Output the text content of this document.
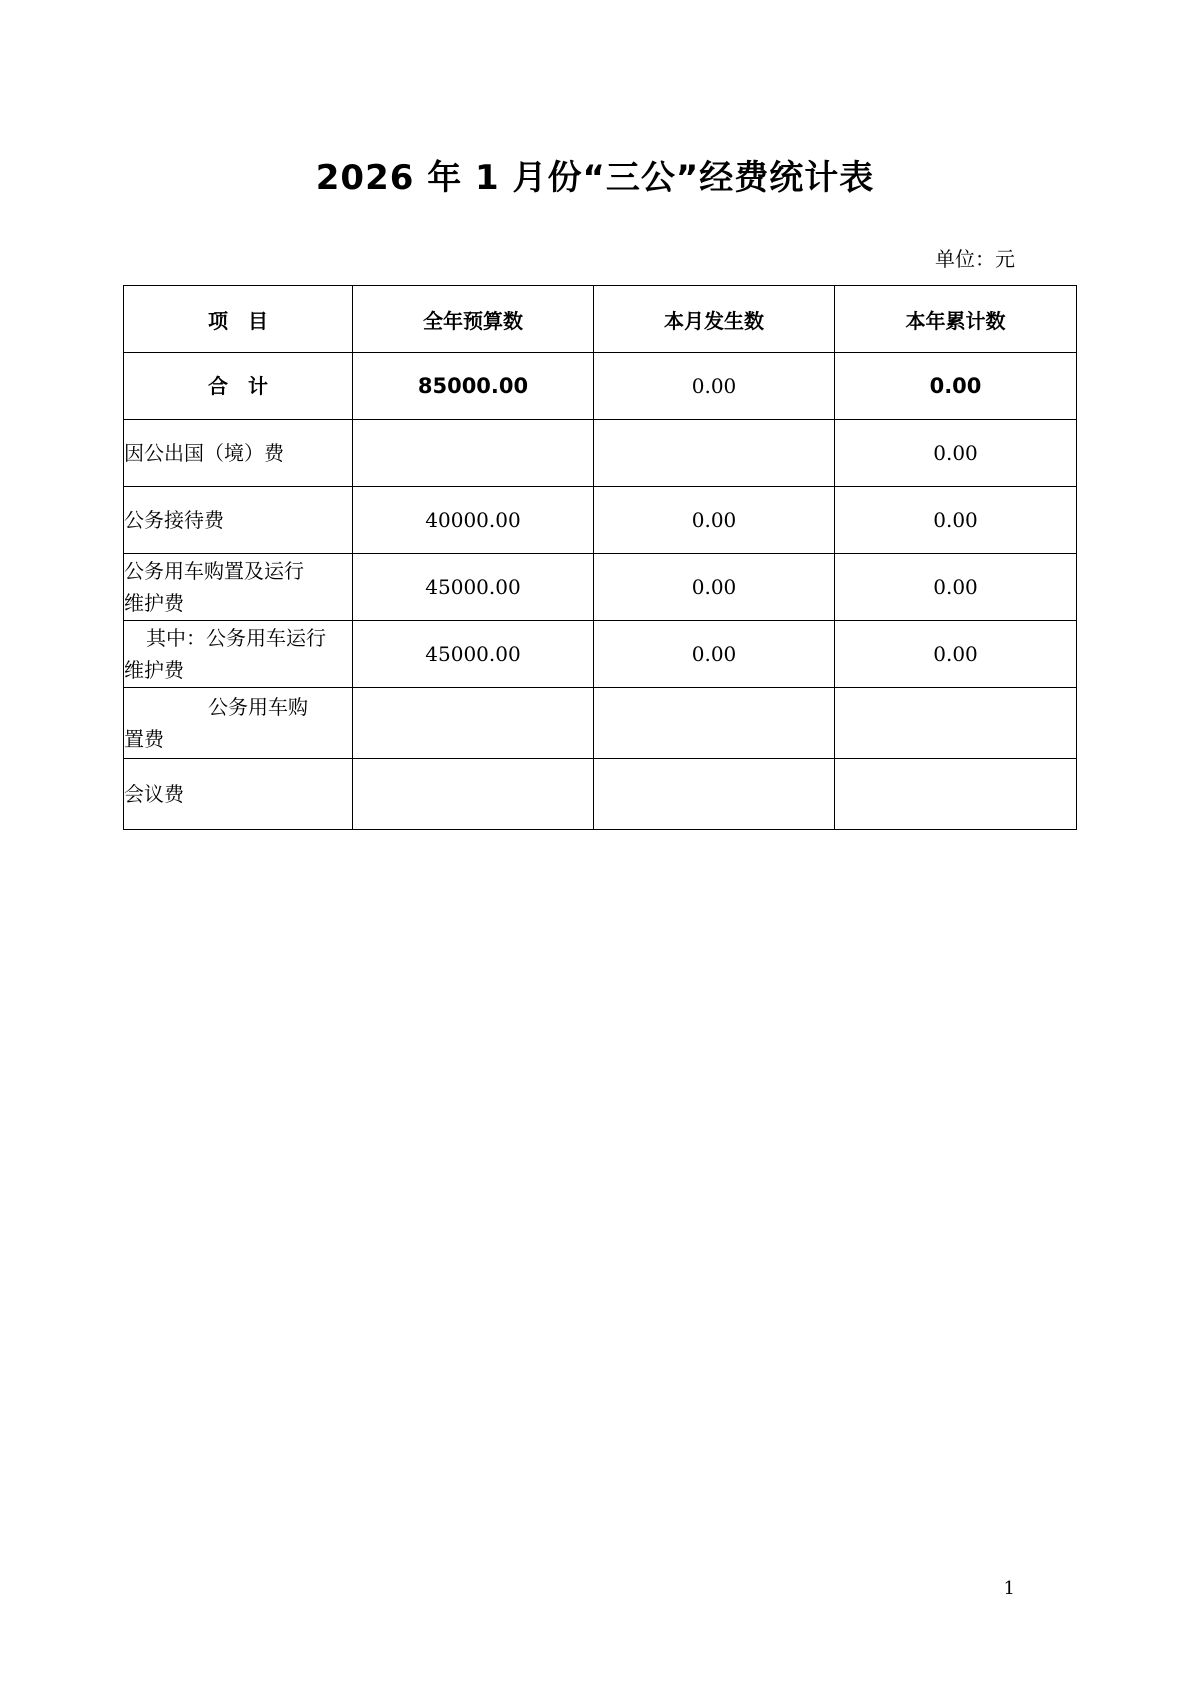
2026 年 1 月份“三公”经费统计表
单位：元
项　目	全年预算数	本月发生数	本年累计数
合　计	85000.00	0.00	0.00
因公出国（境）费			0.00
公务接待费	40000.00	0.00	0.00
公务用车购置及运行
维护费	45000.00	0.00	0.00
其中：公务用车运行
维护费	45000.00	0.00	0.00
公务用车购
置费			
会议费			
1
